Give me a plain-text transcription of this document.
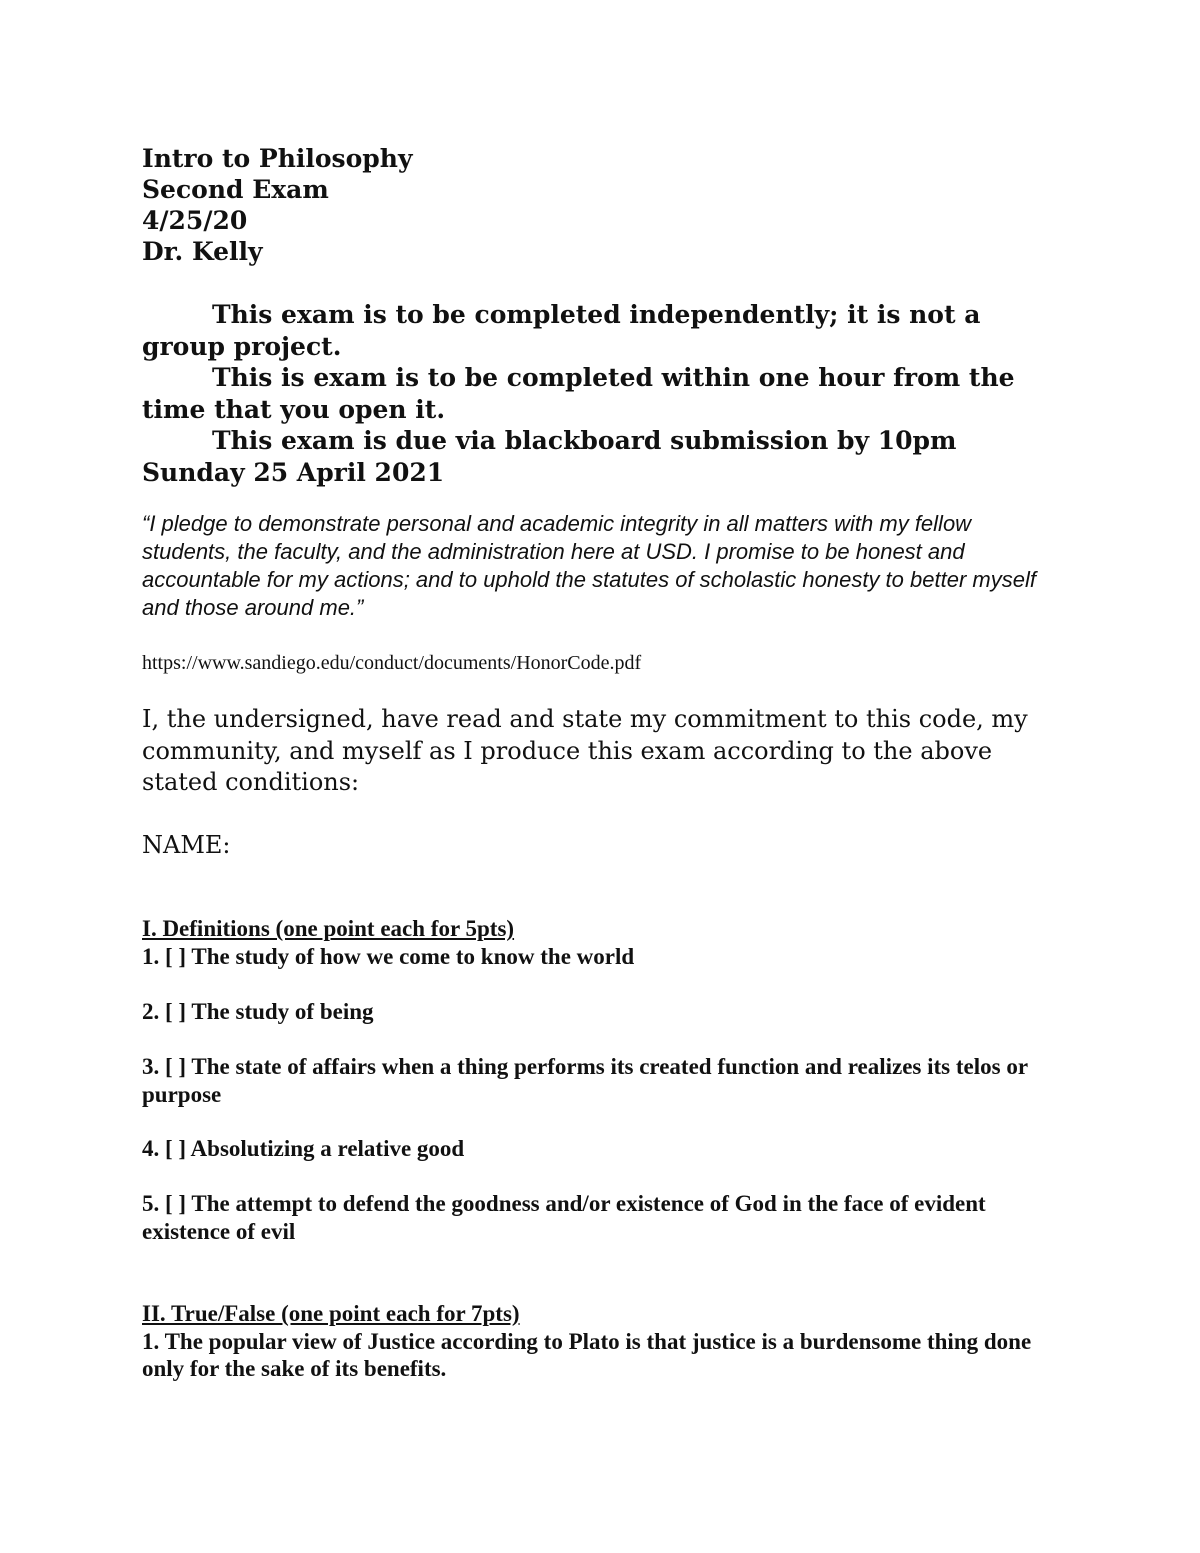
Intro to Philosophy
Second Exam
4/25/20
Dr. Kelly

This exam is to be completed independently; it is not a group project.

This is exam is to be completed within one hour from the time that you open it.

This exam is due via blackboard submission by 10pm Sunday 25 April 2021

“I pledge to demonstrate personal and academic integrity in all matters with my fellow students, the faculty, and the administration here at USD. I promise to be honest and accountable for my actions; and to uphold the statutes of scholastic honesty to better myself and those around me.”

https://www.sandiego.edu/conduct/documents/HonorCode.pdf

I, the undersigned, have read and state my commitment to this code, my community, and myself as I produce this exam according to the above stated conditions:

NAME:

I. Definitions (one point each for 5pts)

1. [ ] The study of how we come to know the world

2. [ ] The study of being

3. [ ] The state of affairs when a thing performs its created function and realizes its telos or purpose

4. [ ] Absolutizing a relative good

5. [ ] The attempt to defend the goodness and/or existence of God in the face of evident existence of evil

II. True/False (one point each for 7pts)

1. The popular view of Justice according to Plato is that justice is a burdensome thing done only for the sake of its benefits.
